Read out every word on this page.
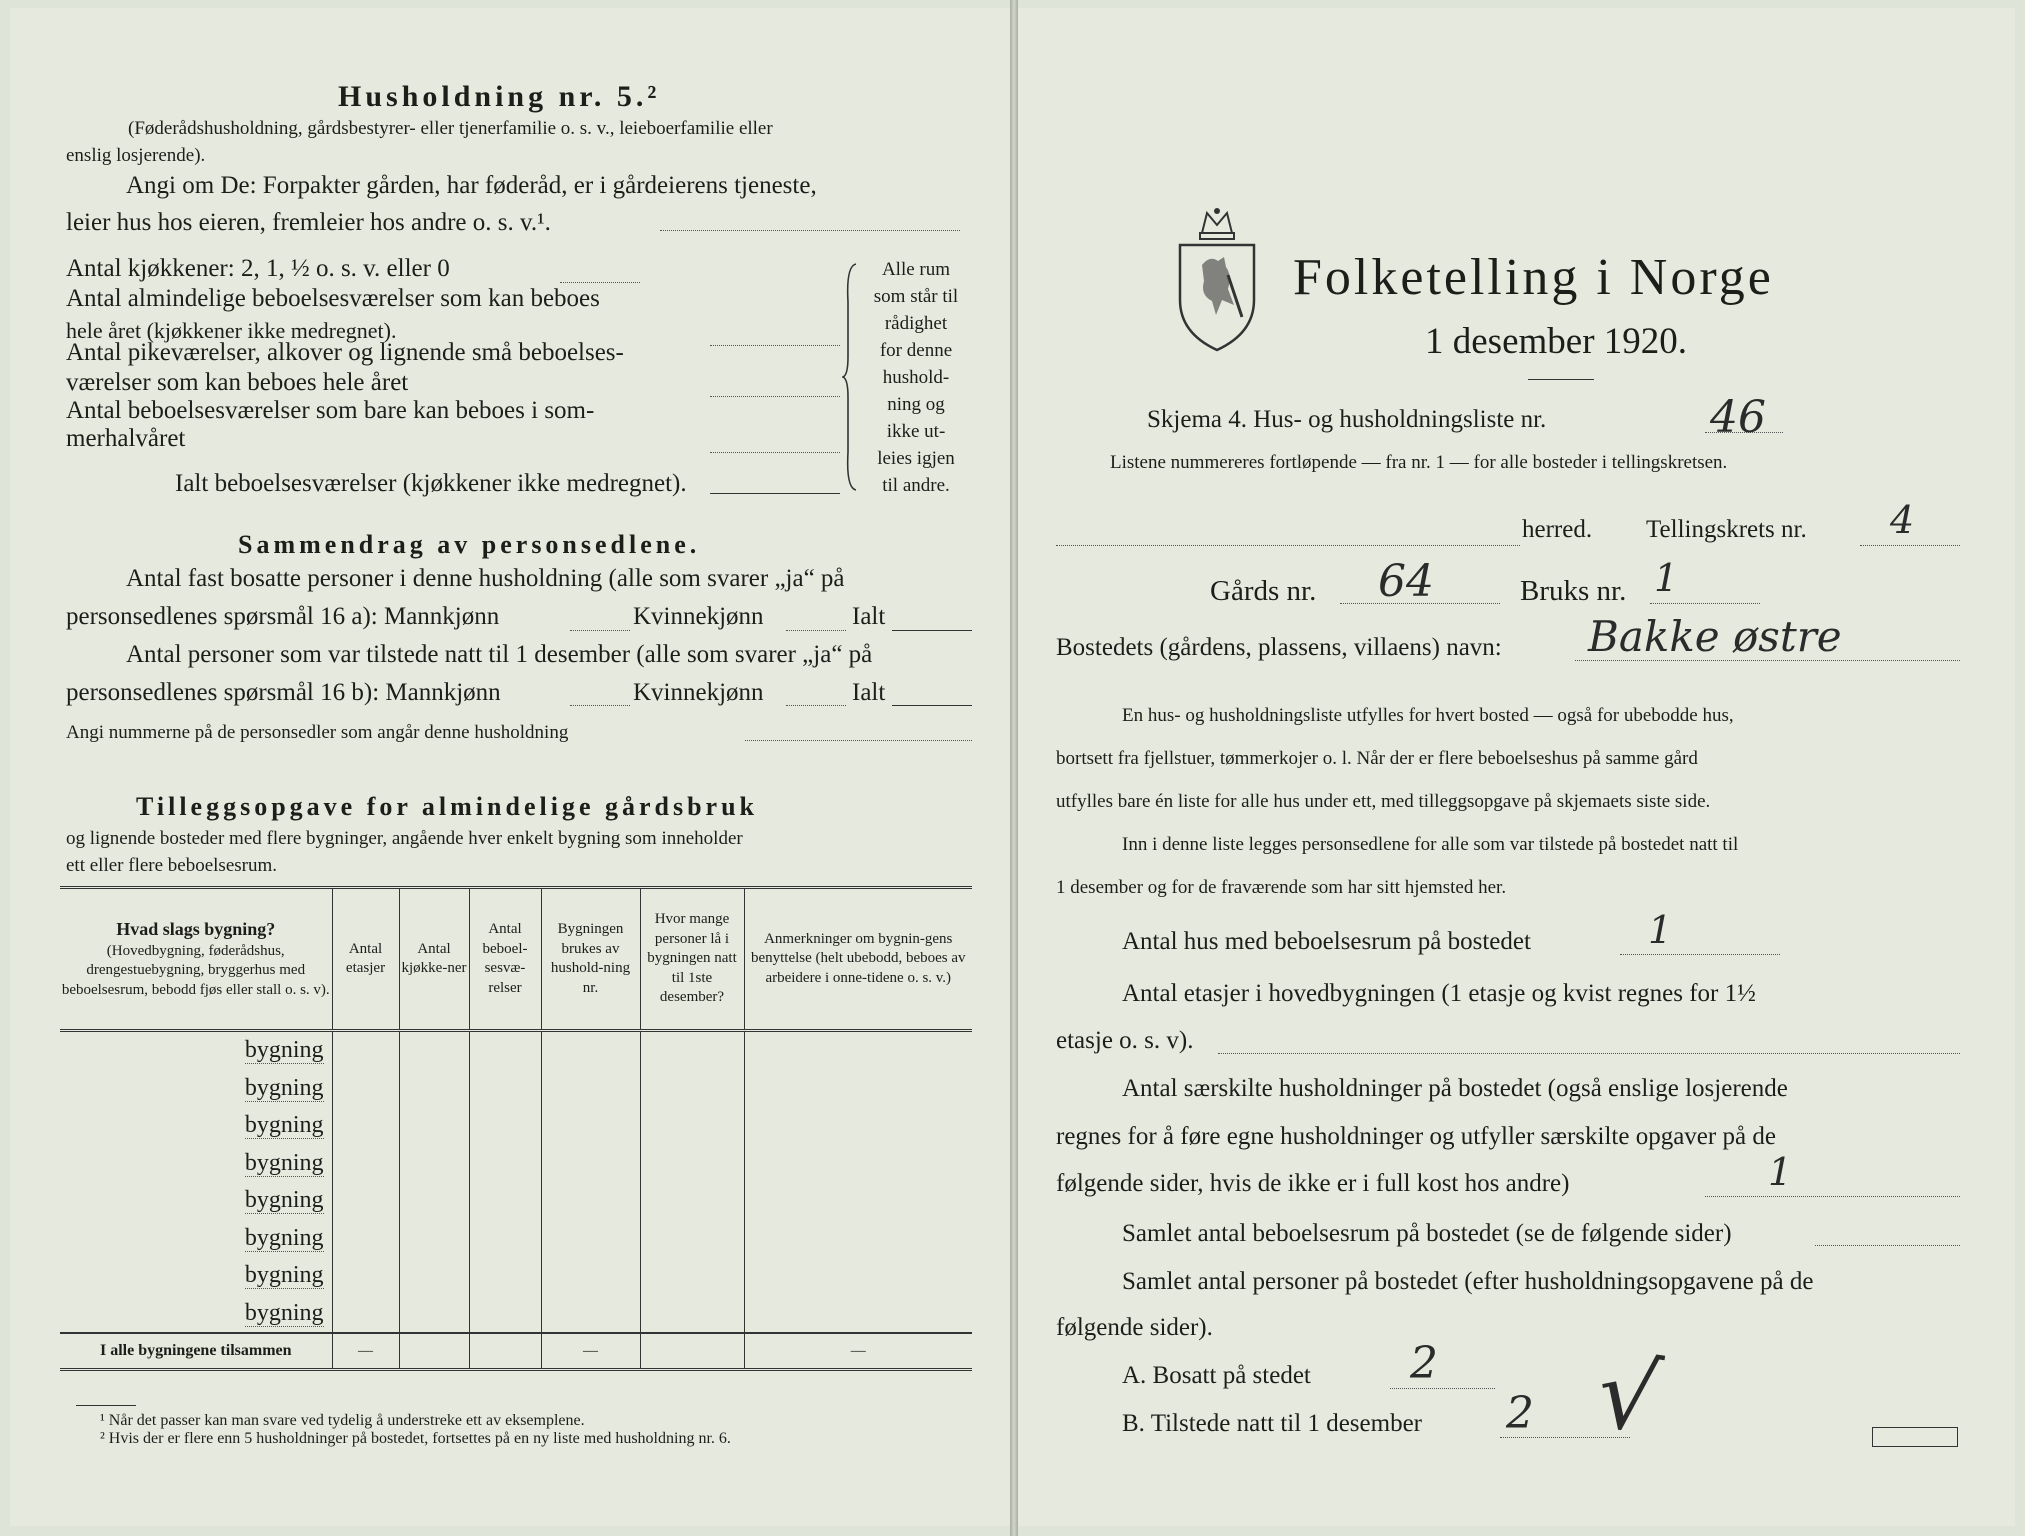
Husholdning nr. 5.²
(Føderådshusholdning, gårdsbestyrer- eller tjenerfamilie o. s. v., leieboerfamilie eller
enslig losjerende).
Angi om De: Forpakter gården, har føderåd, er i gårdeierens tjeneste,
leier hus hos eieren, fremleier hos andre o. s. v.¹.
Antal kjøkkener: 2, 1, ½ o. s. v. eller 0
Antal almindelige beboelsesværelser som kan beboes
hele året (kjøkkener ikke medregnet).
Antal pikeværelser, alkover og lignende små beboelses-
værelser som kan beboes hele året
Antal beboelsesværelser som bare kan beboes i som-
merhalvåret
Ialt beboelsesværelser (kjøkkener ikke medregnet).
Alle rum
som står til
rådighet
for denne
hushold-
ning og
ikke ut-
leies igjen
til andre.
Sammendrag av personsedlene.
Antal fast bosatte personer i denne husholdning (alle som svarer „ja“ på
personsedlenes spørsmål 16 a): Mannkjønn	Kvinnekjønn	Ialt
Antal personer som var tilstede natt til 1 desember (alle som svarer „ja“ på
personsedlenes spørsmål 16 b): Mannkjønn	Kvinnekjønn	Ialt
Angi nummerne på de personsedler som angår denne husholdning
Tilleggsopgave for almindelige gårdsbruk
og lignende bosteder med flere bygninger, angående hver enkelt bygning som inneholder
ett eller flere beboelsesrum.
Hvad slags bygning?
(Hovedbygning, føderådshus, drengestuebygning, bryggerhus med beboelsesrum, bebodd fjøs eller stall o. s. v).	Antal etasjer	Antal kjøkke-ner	Antal beboel-sesvæ-relser	Bygningen brukes av hushold-ning nr.	Hvor mange personer lå i bygningen natt til 1ste desember?	Anmerkninger om bygnin-gens benyttelse (helt ubebodd, beboes av arbeidere i onne-tidene o. s. v.)
bygning						
bygning						
bygning						
bygning						
bygning						
bygning						
bygning						
bygning						
I alle bygningene tilsammen	—			—		—
¹ Når det passer kan man svare ved tydelig å understreke ett av eksemplene.
² Hvis der er flere enn 5 husholdninger på bostedet, fortsettes på en ny liste med husholdning nr. 6.
Folketelling i Norge
1 desember 1920.
Skjema 4. Hus- og husholdningsliste nr.	46
Listene nummereres fortløpende — fra nr. 1 — for alle bosteder i tellingskretsen.
herred. Tellingskrets nr. 4
Gårds nr. 64	Bruks nr. 1
Bostedets (gårdens, plassens, villaens) navn: Bakke østre
En hus- og husholdningsliste utfylles for hvert bosted — også for ubebodde hus,
bortsett fra fjellstuer, tømmerkojer o. l. Når der er flere beboelseshus på samme gård
utfylles bare én liste for alle hus under ett, med tilleggsopgave på skjemaets siste side.
Inn i denne liste legges personsedlene for alle som var tilstede på bostedet natt til
1 desember og for de fraværende som har sitt hjemsted her.
Antal hus med beboelsesrum på bostedet	1
Antal etasjer i hovedbygningen (1 etasje og kvist regnes for 1½
etasje o. s. v).
Antal særskilte husholdninger på bostedet (også enslige losjerende
regnes for å føre egne husholdninger og utfyller særskilte opgaver på de
følgende sider, hvis de ikke er i full kost hos andre)	1
Samlet antal beboelsesrum på bostedet (se de følgende sider)
Samlet antal personer på bostedet (efter husholdningsopgavene på de
følgende sider).
A. Bosatt på stedet 2
B. Tilstede natt til 1 desember 2 √
